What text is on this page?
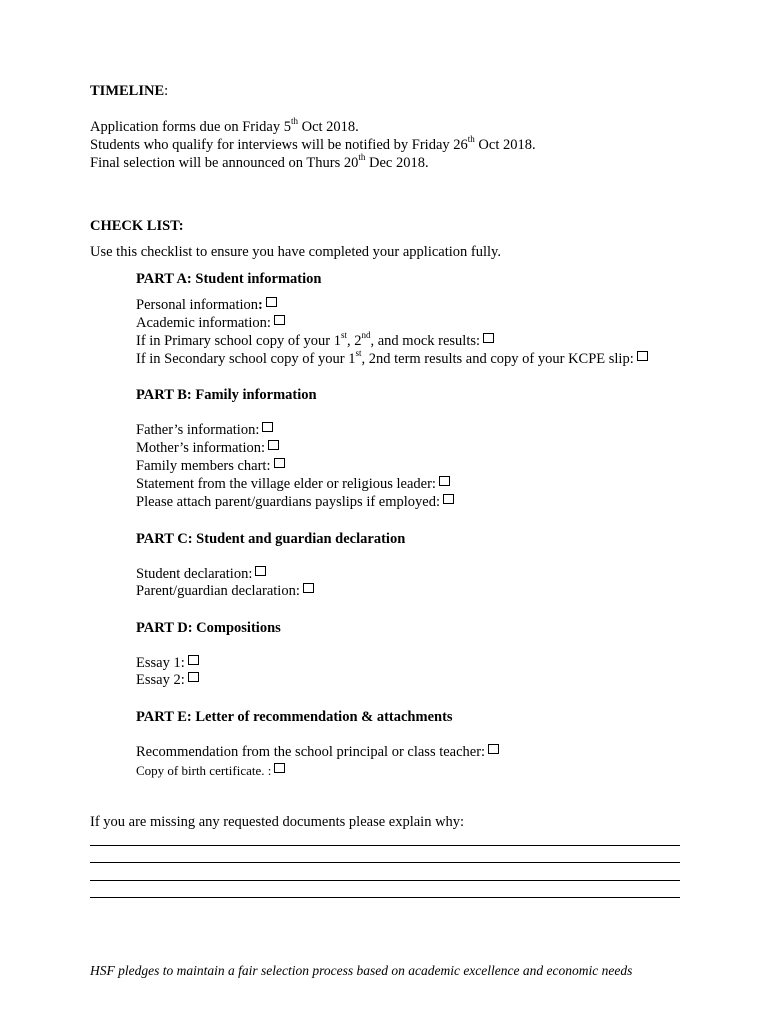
TIMELINE:
Application forms due on Friday 5th Oct 2018.
Students who qualify for interviews will be notified by Friday 26th Oct 2018.
Final selection will be announced on Thurs 20th Dec 2018.
CHECK LIST:
Use this checklist to ensure you have completed your application fully.
PART A: Student information
Personal information:
Academic information:
If in Primary school copy of your 1st, 2nd, and mock results:
If in Secondary school copy of your 1st, 2nd term results and copy of your KCPE slip:
PART B: Family information
Father’s information:
Mother’s information:
Family members chart:
Statement from the village elder or religious leader:
Please attach parent/guardians payslips if employed:
PART C: Student and guardian declaration
Student declaration:
Parent/guardian declaration:
PART D: Compositions
Essay 1:
Essay 2:
PART E: Letter of recommendation & attachments
Recommendation from the school principal or class teacher:
Copy of birth certificate. :
If you are missing any requested documents please explain why:
HSF pledges to maintain a fair selection process based on academic excellence and economic needs
